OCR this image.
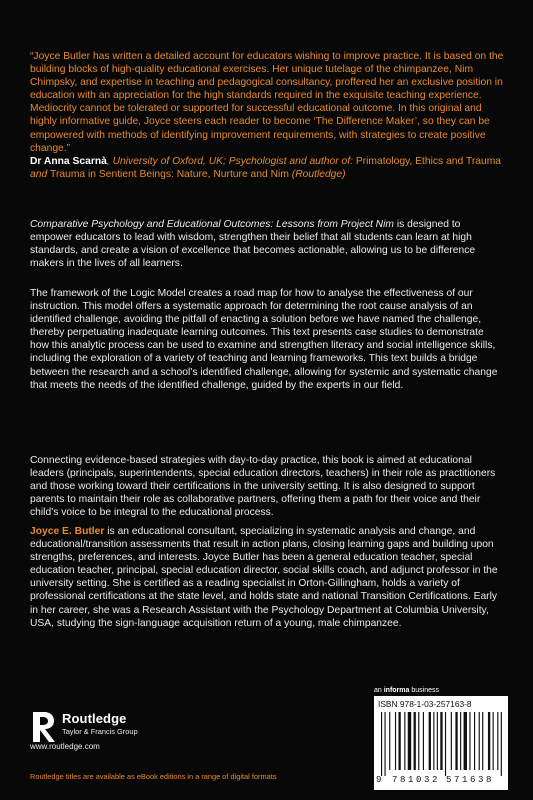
“Joyce Butler has written a detailed account for educators wishing to improve practice. It is based on the building blocks of high-quality educational exercises. Her unique tutelage of the chimpanzee, Nim Chimpsky, and expertise in teaching and pedagogical consultancy, proffered her an exclusive position in education with an appreciation for the high standards required in the exquisite teaching experience. Mediocrity cannot be tolerated or supported for successful educational outcome. In this original and highly informative guide, Joyce steers each reader to become ‘The Difference Maker’, so they can be empowered with methods of identifying improvement requirements, with strategies to create positive change.”
Dr Anna Scarnà, University of Oxford, UK; Psychologist and author of: Primatology, Ethics and Trauma and Trauma in Sentient Beings: Nature, Nurture and Nim (Routledge)
Comparative Psychology and Educational Outcomes: Lessons from Project Nim is designed to empower educators to lead with wisdom, strengthen their belief that all students can learn at high standards, and create a vision of excellence that becomes actionable, allowing us to be difference makers in the lives of all learners.
The framework of the Logic Model creates a road map for how to analyse the effectiveness of our instruction. This model offers a systematic approach for determining the root cause analysis of an identified challenge, avoiding the pitfall of enacting a solution before we have named the challenge, thereby perpetuating inadequate learning outcomes. This text presents case studies to demonstrate how this analytic process can be used to examine and strengthen literacy and social intelligence skills, including the exploration of a variety of teaching and learning frameworks. This text builds a bridge between the research and a school’s identified challenge, allowing for systemic and systematic change that meets the needs of the identified challenge, guided by the experts in our field.
Connecting evidence-based strategies with day-to-day practice, this book is aimed at educational leaders (principals, superintendents, special education directors, teachers) in their role as practitioners and those working toward their certifications in the university setting. It is also designed to support parents to maintain their role as collaborative partners, offering them a path for their voice and their child’s voice to be integral to the educational process.
Joyce E. Butler is an educational consultant, specializing in systematic analysis and change, and educational/transition assessments that result in action plans, closing learning gaps and building upon strengths, preferences, and interests. Joyce Butler has been a general education teacher, special education teacher, principal, special education director, social skills coach, and adjunct professor in the university setting. She is certified as a reading specialist in Orton-Gillingham, holds a variety of professional certifications at the state level, and holds state and national Transition Certifications. Early in her career, she was a Research Assistant with the Psychology Department at Columbia University, USA, studying the sign-language acquisition return of a young, male chimpanzee.
Routledge
Taylor & Francis Group
www.routledge.com
Routledge titles are available as eBook editions in a range of digital formats
an informa business
ISBN 978-1-03-257163-8
9 781032 571638
